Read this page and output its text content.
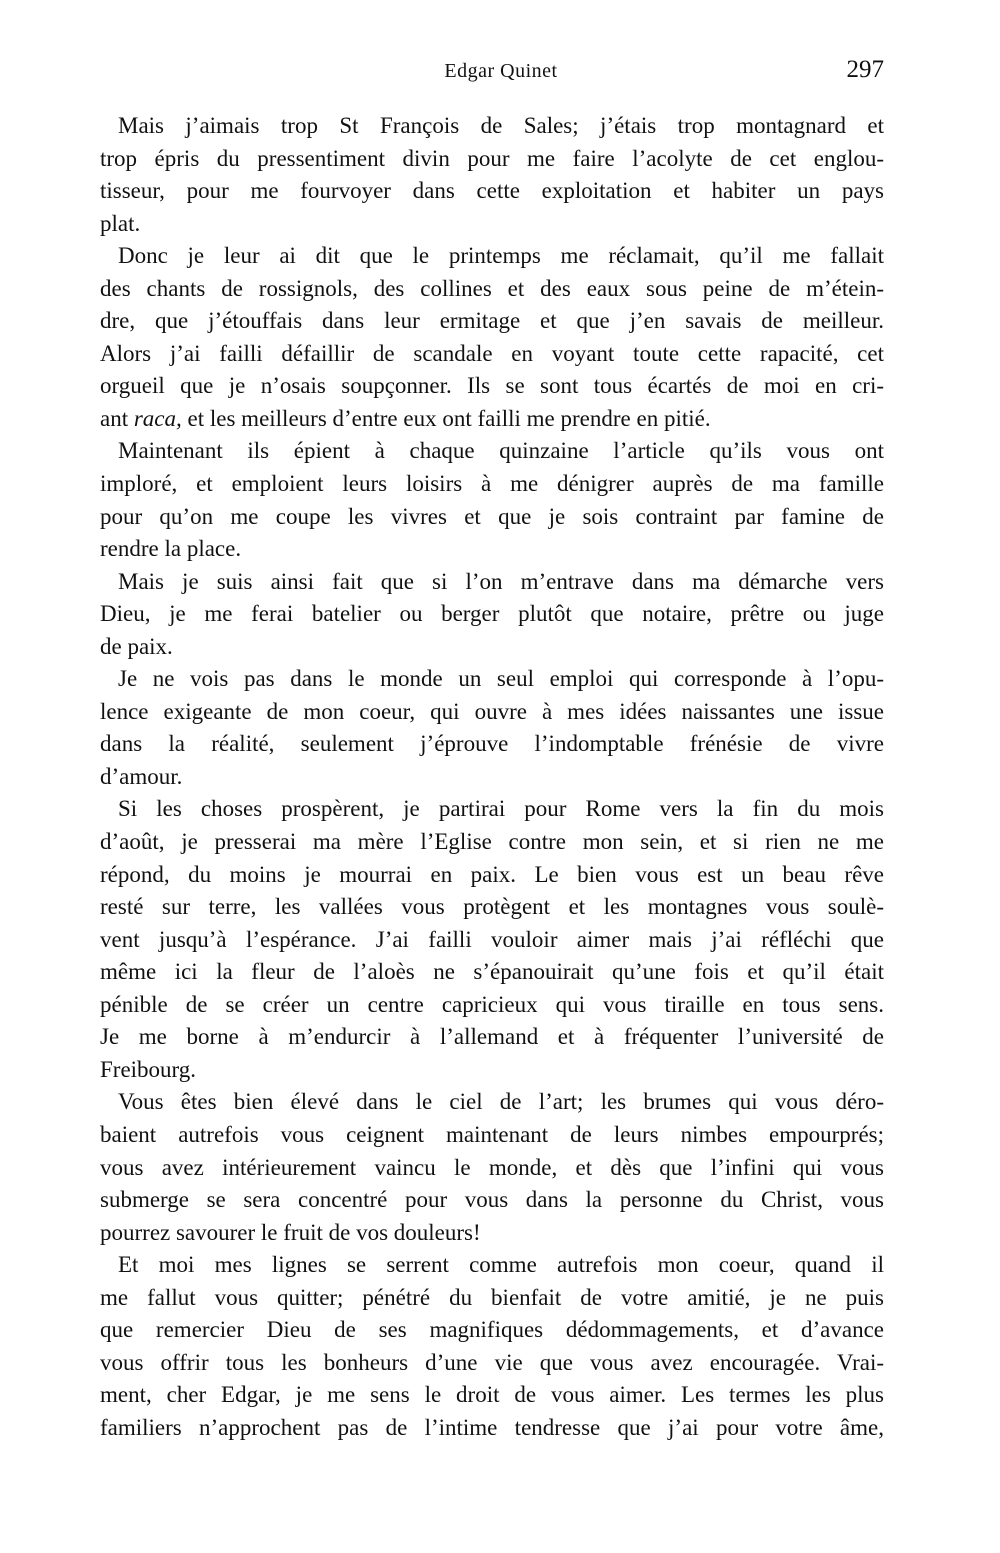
Edgar Quinet	297
Mais j’aimais trop St François de Sales; j’étais trop montagnard et
trop épris du pressentiment divin pour me faire l’acolyte de cet englou-
tisseur, pour me fourvoyer dans cette exploitation et habiter un pays
plat.
Donc je leur ai dit que le printemps me réclamait, qu’il me fallait
des chants de rossignols, des collines et des eaux sous peine de m’étein-
dre, que j’étouffais dans leur ermitage et que j’en savais de meilleur.
Alors j’ai failli défaillir de scandale en voyant toute cette rapacité, cet
orgueil que je n’osais soupçonner. Ils se sont tous écartés de moi en cri-
ant raca, et les meilleurs d’entre eux ont failli me prendre en pitié.
Maintenant ils épient à chaque quinzaine l’article qu’ils vous ont
imploré, et emploient leurs loisirs à me dénigrer auprès de ma famille
pour qu’on me coupe les vivres et que je sois contraint par famine de
rendre la place.
Mais je suis ainsi fait que si l’on m’entrave dans ma démarche vers
Dieu, je me ferai batelier ou berger plutôt que notaire, prêtre ou juge
de paix.
Je ne vois pas dans le monde un seul emploi qui corresponde à l’opu-
lence exigeante de mon coeur, qui ouvre à mes idées naissantes une issue
dans la réalité, seulement j’éprouve l’indomptable frénésie de vivre
d’amour.
Si les choses prospèrent, je partirai pour Rome vers la fin du mois
d’août, je presserai ma mère l’Eglise contre mon sein, et si rien ne me
répond, du moins je mourrai en paix. Le bien vous est un beau rêve
resté sur terre, les vallées vous protègent et les montagnes vous soulè-
vent jusqu’à l’espérance. J’ai failli vouloir aimer mais j’ai réfléchi que
même ici la fleur de l’aloès ne s’épanouirait qu’une fois et qu’il était
pénible de se créer un centre capricieux qui vous tiraille en tous sens.
Je me borne à m’endurcir à l’allemand et à fréquenter l’université de
Freibourg.
Vous êtes bien élevé dans le ciel de l’art; les brumes qui vous déro-
baient autrefois vous ceignent maintenant de leurs nimbes empourprés;
vous avez intérieurement vaincu le monde, et dès que l’infini qui vous
submerge se sera concentré pour vous dans la personne du Christ, vous
pourrez savourer le fruit de vos douleurs!
Et moi mes lignes se serrent comme autrefois mon coeur, quand il
me fallut vous quitter; pénétré du bienfait de votre amitié, je ne puis
que remercier Dieu de ses magnifiques dédommagements, et d’avance
vous offrir tous les bonheurs d’une vie que vous avez encouragée. Vrai-
ment, cher Edgar, je me sens le droit de vous aimer. Les termes les plus
familiers n’approchent pas de l’intime tendresse que j’ai pour votre âme,
